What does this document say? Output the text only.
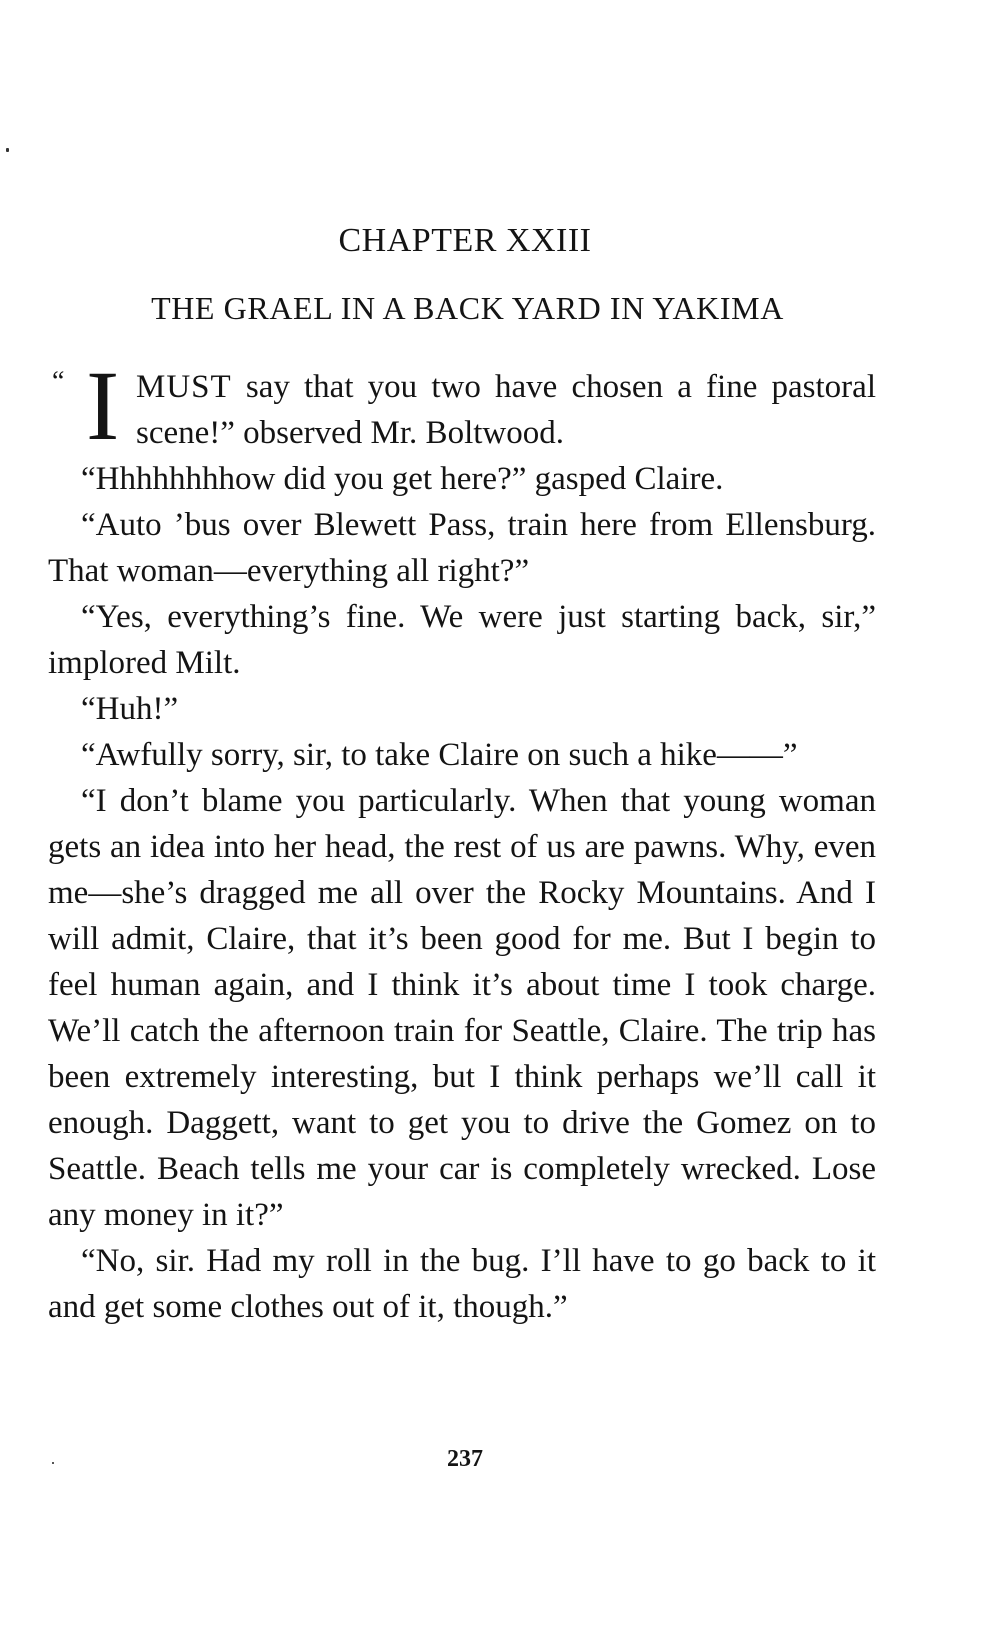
CHAPTER XXIII
THE GRAEL IN A BACK YARD IN YAKIMA

“ I MUST say that you two have chosen a fine pastoral scene!” observed Mr. Boltwood.

“Hhhhhhhhow did you get here?” gasped Claire.

“Auto ’bus over Blewett Pass, train here from Ellensburg. That woman—everything all right?”

“Yes, everything’s fine. We were just starting back, sir,” implored Milt.

“Huh!”

“Awfully sorry, sir, to take Claire on such a hike——”

“I don’t blame you particularly. When that young woman gets an idea into her head, the rest of us are pawns. Why, even me—she’s dragged me all over the Rocky Mountains. And I will admit, Claire, that it’s been good for me. But I begin to feel human again, and I think it’s about time I took charge. We’ll catch the afternoon train for Seattle, Claire. The trip has been extremely interesting, but I think perhaps we’ll call it enough. Daggett, want to get you to drive the Gomez on to Seattle. Beach tells me your car is completely wrecked. Lose any money in it?”

“No, sir. Had my roll in the bug. I’ll have to go back to it and get some clothes out of it, though.”

237
